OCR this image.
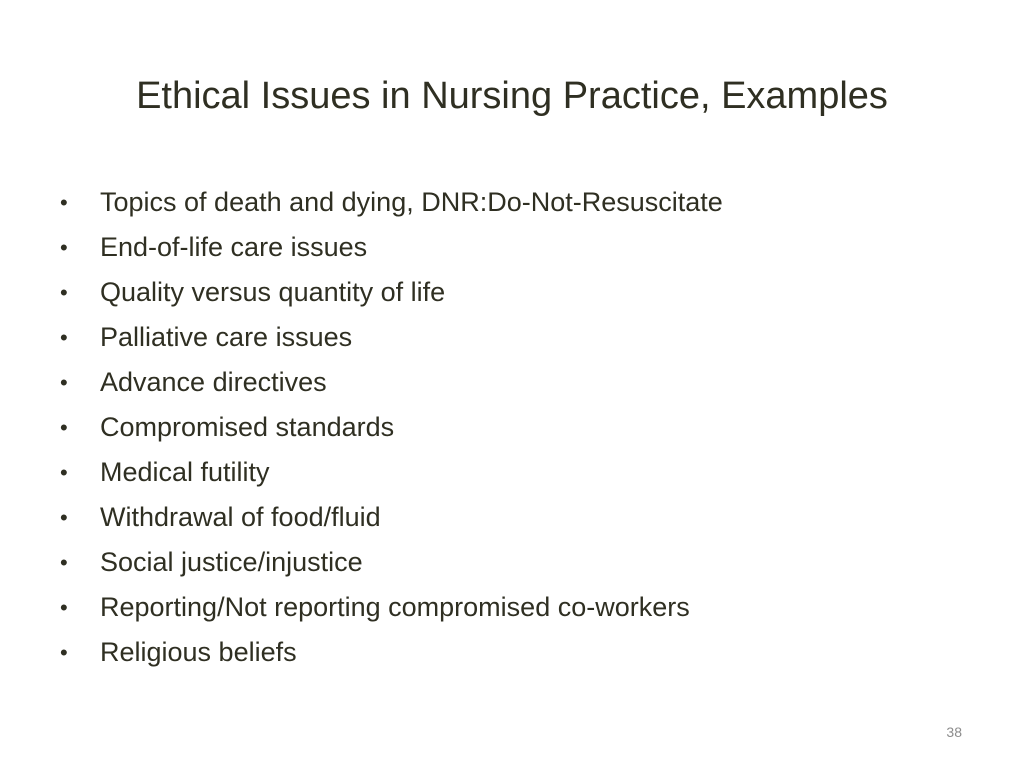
Ethical Issues in Nursing Practice, Examples
•	Topics of death and dying, DNR:Do-Not-Resuscitate
•	End-of-life care issues
•	Quality versus quantity of life
•	Palliative care issues
•	Advance directives
•	Compromised standards
•	Medical futility
•	Withdrawal of food/fluid
•	Social justice/injustice
•	Reporting/Not reporting compromised co-workers
•	Religious beliefs
38
